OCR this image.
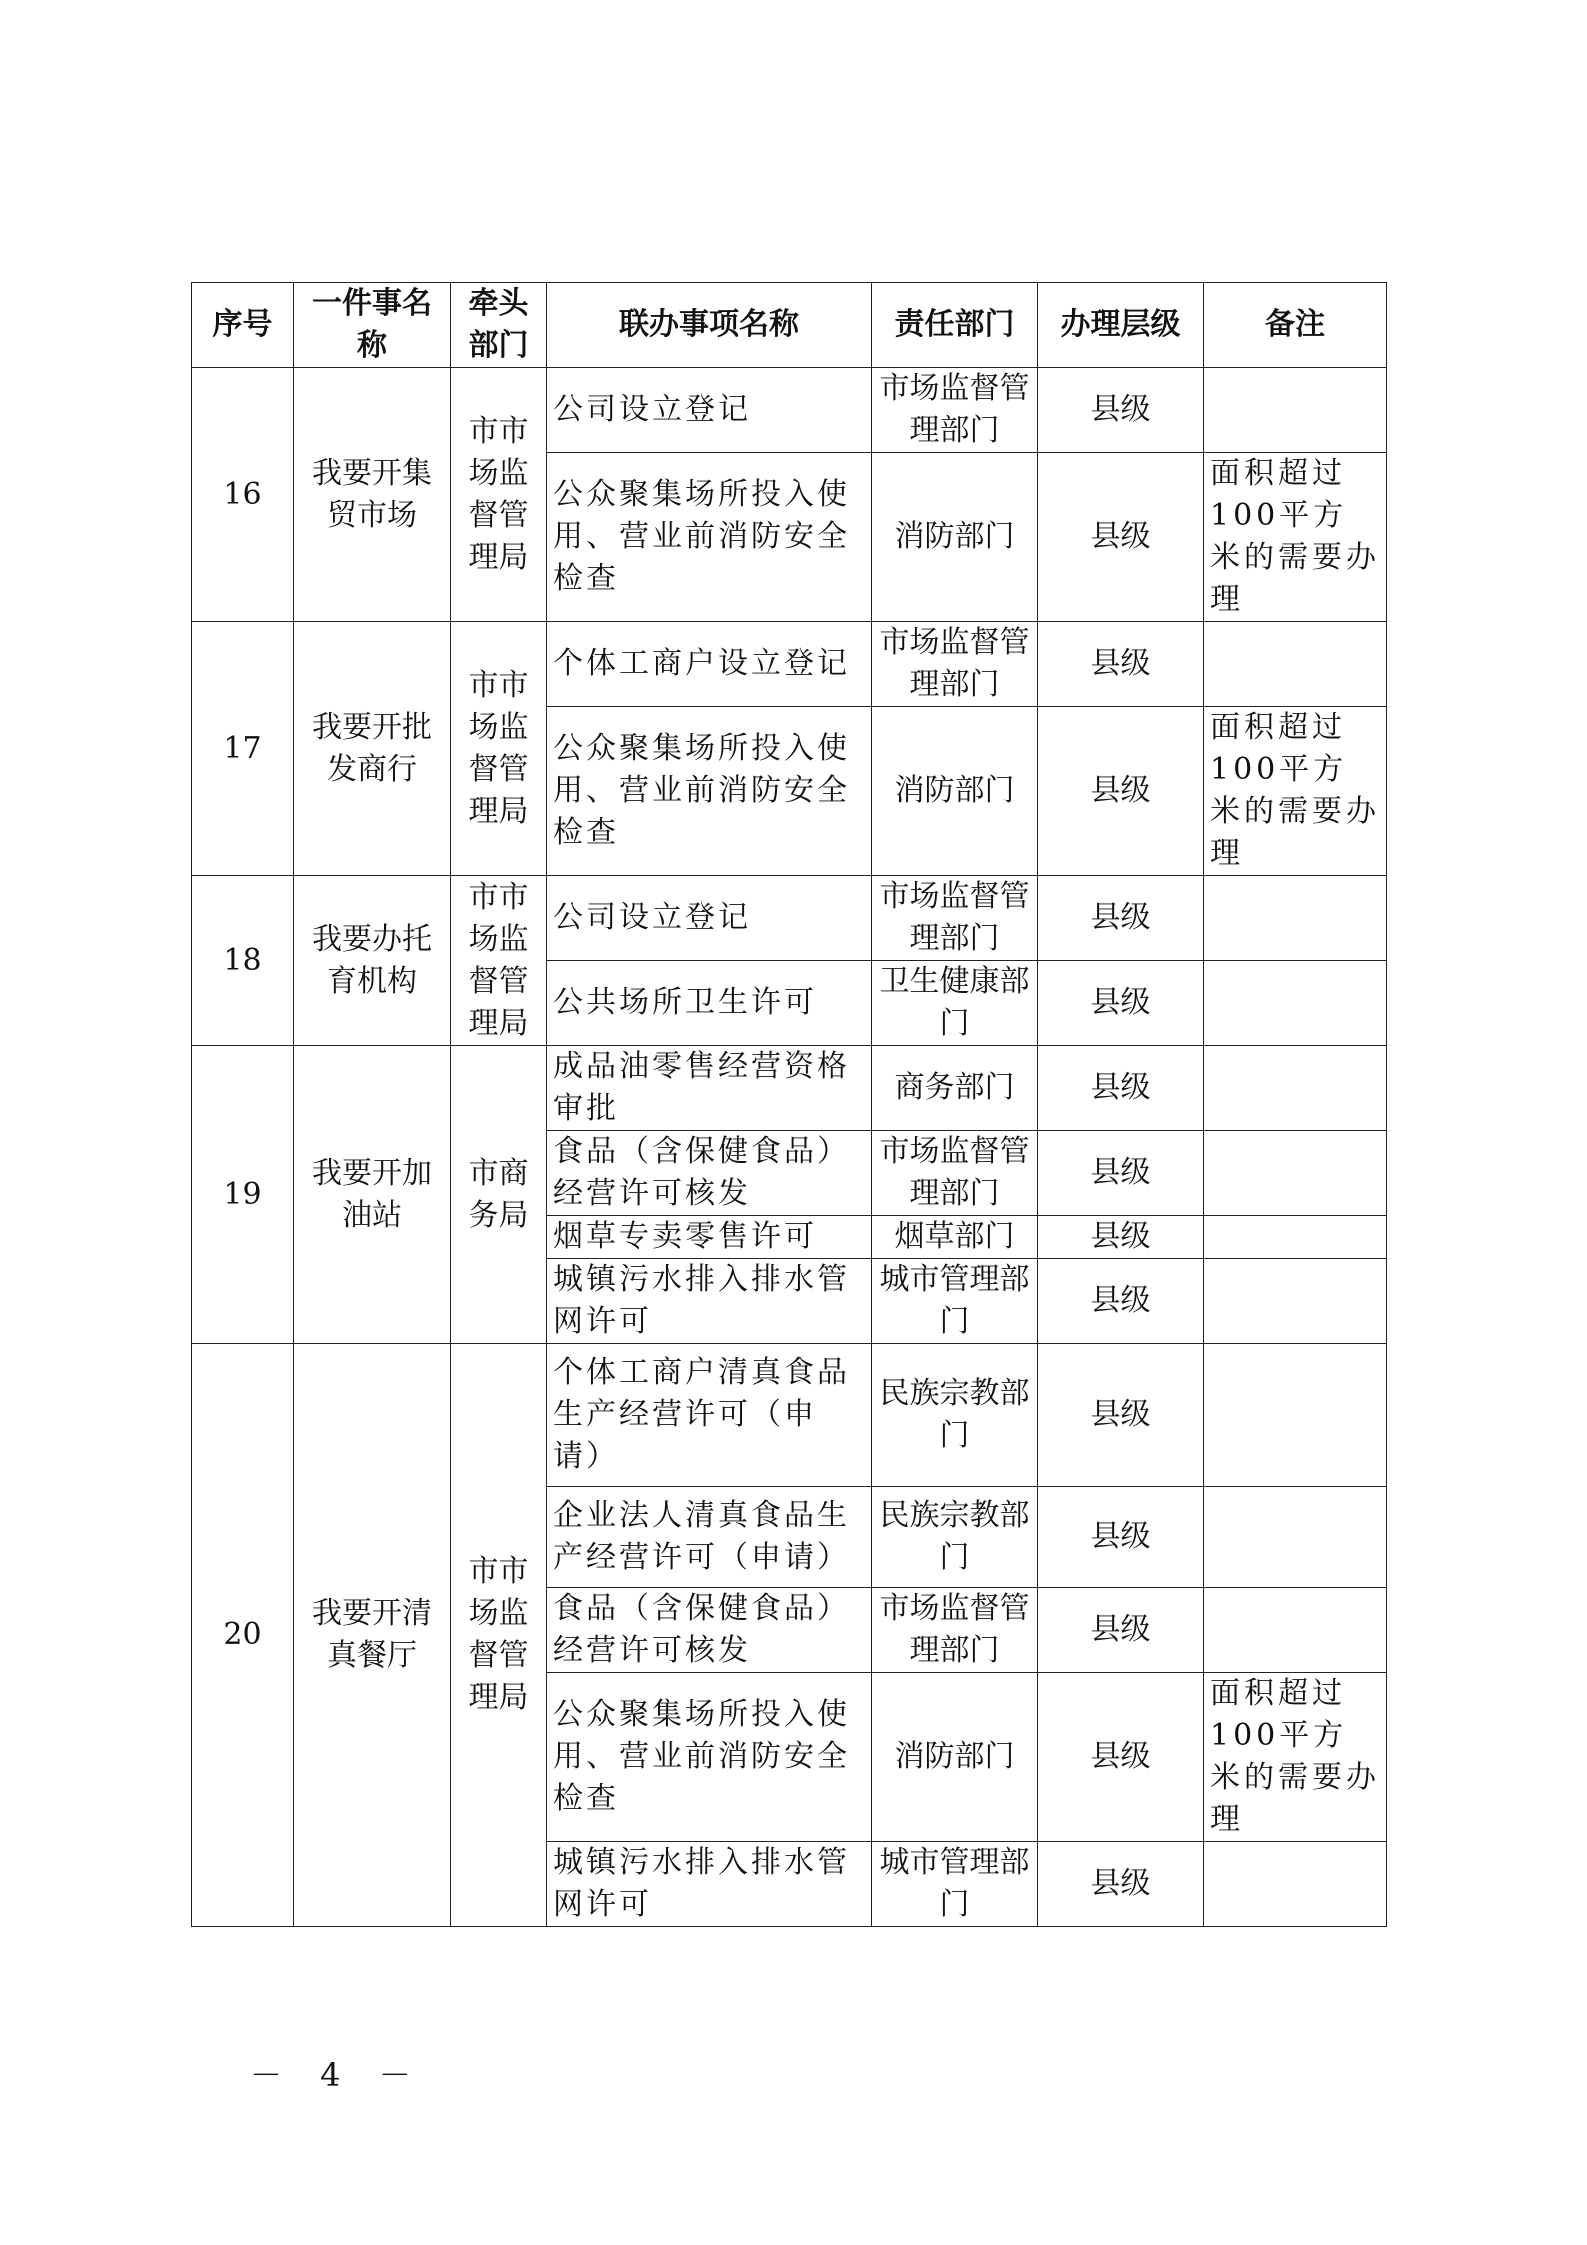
序号	一件事名称	牵头部门	联办事项名称	责任部门	办理层级	备注
16	我要开集贸市场	市市场监督管理局	公司设立登记	市场监督管理部门	县级	
			公众聚集场所投入使用、营业前消防安全检查	消防部门	县级	面积超过100平方米的需要办理
17	我要开批发商行	市市场监督管理局	个体工商户设立登记	市场监督管理部门	县级	
			公众聚集场所投入使用、营业前消防安全检查	消防部门	县级	面积超过100平方米的需要办理
18	我要办托育机构	市市场监督管理局	公司设立登记	市场监督管理部门	县级	
			公共场所卫生许可	卫生健康部门	县级	
19	我要开加油站	市商务局	成品油零售经营资格审批	商务部门	县级	
			食品（含保健食品）经营许可核发	市场监督管理部门	县级	
			烟草专卖零售许可	烟草部门	县级	
			城镇污水排入排水管网许可	城市管理部门	县级	
20	我要开清真餐厅	市市场监督管理局	个体工商户清真食品生产经营许可（申请）	民族宗教部门	县级	
			企业法人清真食品生产经营许可（申请）	民族宗教部门	县级	
			食品（含保健食品）经营许可核发	市场监督管理部门	县级	
			公众聚集场所投入使用、营业前消防安全检查	消防部门	县级	面积超过100平方米的需要办理
			城镇污水排入排水管网许可	城市管理部门	县级	
－ 4 －
